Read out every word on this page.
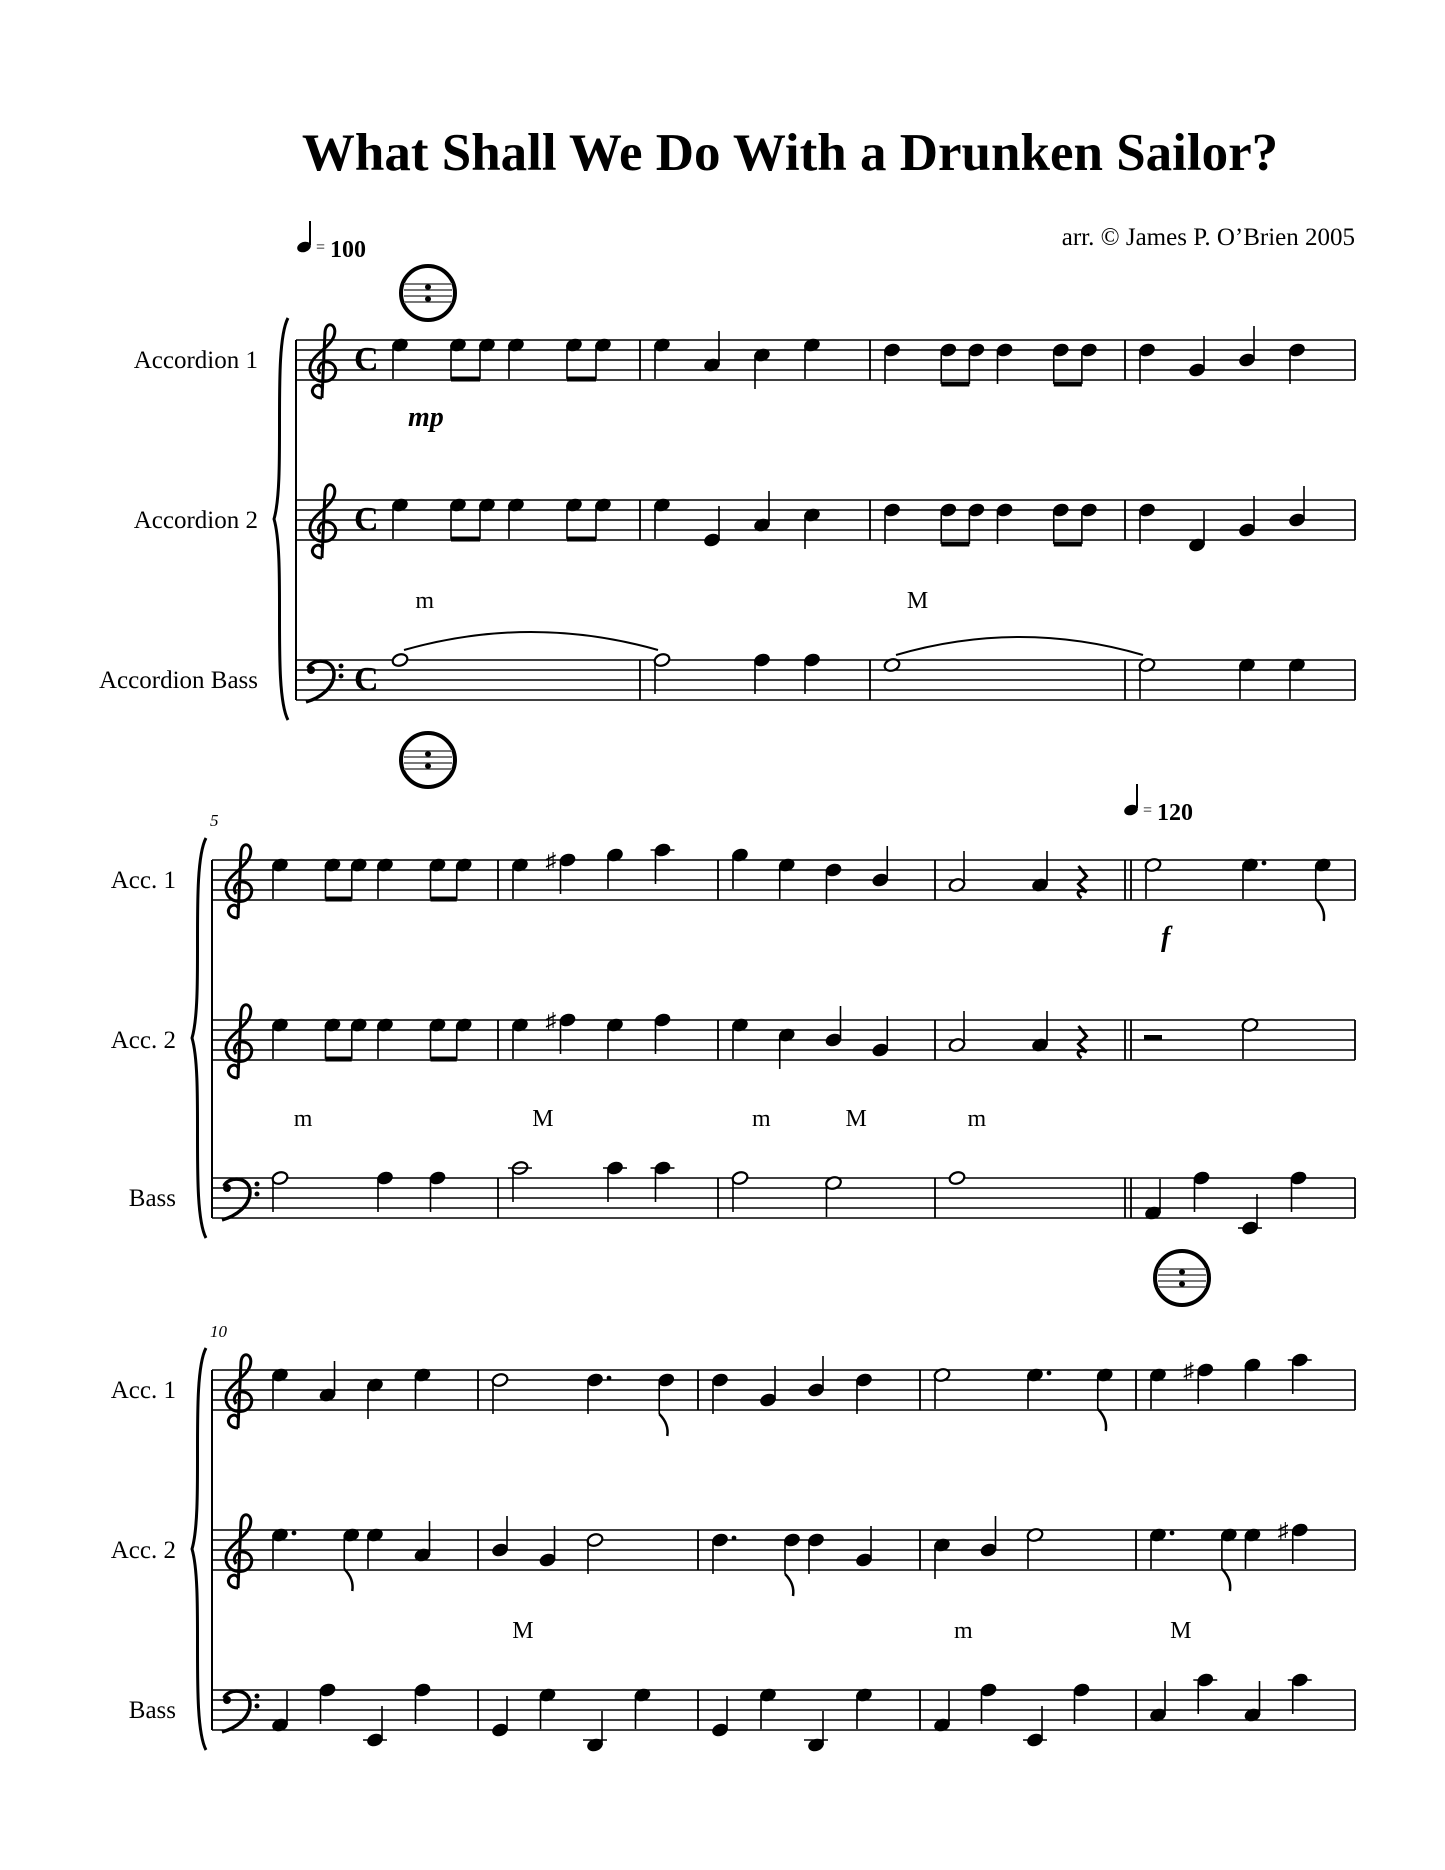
What Shall We Do With a Drunken Sailor?
arr. © James P. O’Brien 2005
= 100
Accordion 1	C
Accordion 2	C
Accordion Bass	C
mp
m	M
= 120
5
Acc. 1
♯
Acc. 2
♯
Bass
f
m	M	m	M	m
10
Acc. 1
♯
Acc. 2
♯
Bass
M	m	M
